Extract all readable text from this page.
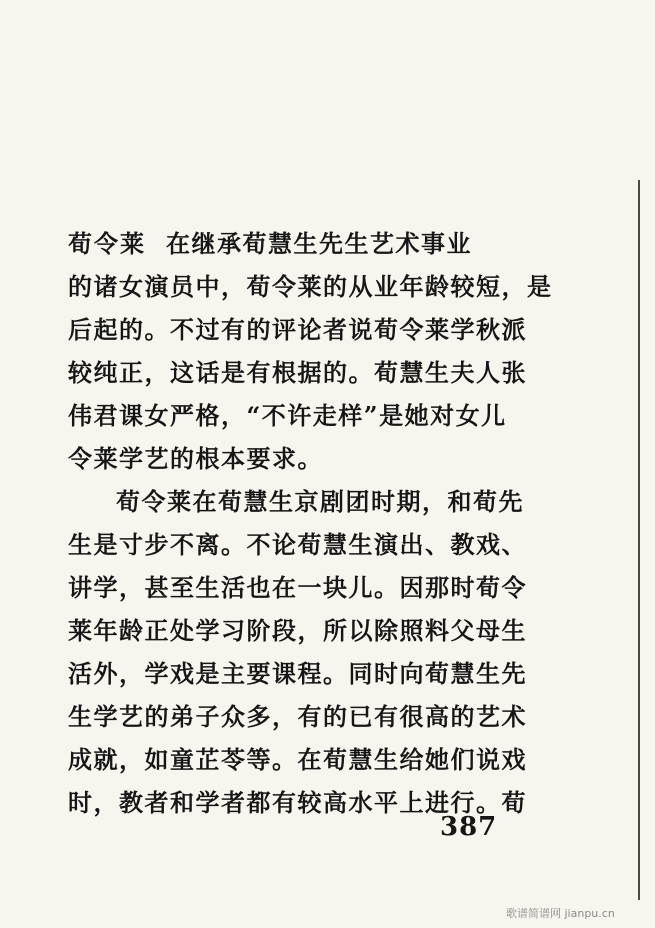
荀令莱 在继承荀慧生先生艺术事业
的诸女演员中，荀令莱的从业年龄较短，是
后起的。不过有的评论者说荀令莱学秋派
较纯正，这话是有根据的。荀慧生夫人张
伟君课女严格，“不许走样”是她对女儿
令莱学艺的根本要求。
荀令莱在荀慧生京剧团时期，和荀先
生是寸步不离。不论荀慧生演出、教戏、
讲学，甚至生活也在一块儿。因那时荀令
莱年龄正处学习阶段，所以除照料父母生
活外，学戏是主要课程。同时向荀慧生先
生学艺的弟子众多，有的已有很高的艺术
成就，如童芷苓等。在荀慧生给她们说戏
时，教者和学者都有较高水平上进行。荀
387
歌谱简谱网 jianpu.cn
